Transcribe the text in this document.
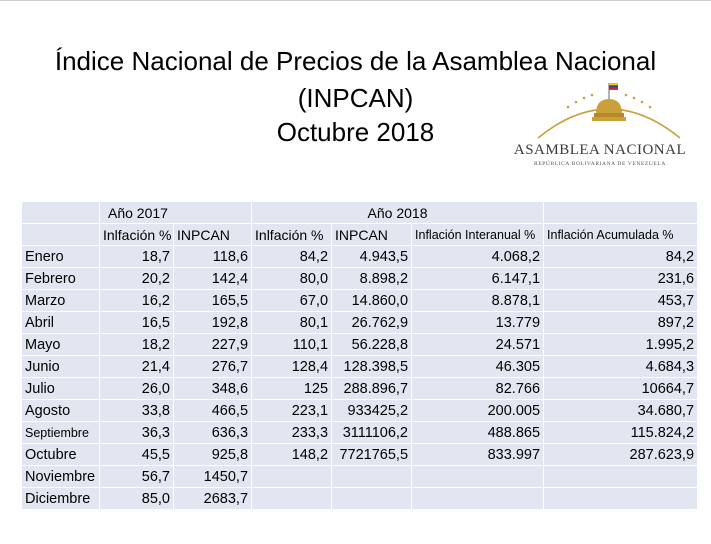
Índice Nacional de Precios de la Asamblea Nacional
(INPCAN)
Octubre 2018
ASAMBLEA NACIONAL
REPÚBLICA BOLIVARIANA DE VENEZUELA
	Año 2017		Año 2018			
	Inlfación %	INPCAN	Inlfación %	INPCAN	Inflación Interanual %	Inflación Acumulada %
Enero	18,7	118,6	84,2	4.943,5	4.068,2	84,2
Febrero	20,2	142,4	80,0	8.898,2	6.147,1	231,6
Marzo	16,2	165,5	67,0	14.860,0	8.878,1	453,7
Abril	16,5	192,8	80,1	26.762,9	13.779	897,2
Mayo	18,2	227,9	110,1	56.228,8	24.571	1.995,2
Junio	21,4	276,7	128,4	128.398,5	46.305	4.684,3
Julio	26,0	348,6	125	288.896,7	82.766	10664,7
Agosto	33,8	466,5	223,1	933425,2	200.005	34.680,7
Septiembre	36,3	636,3	233,3	3111106,2	488.865	115.824,2
Octubre	45,5	925,8	148,2	7721765,5	833.997	287.623,9
Noviembre	56,7	1450,7				
Diciembre	85,0	2683,7				
